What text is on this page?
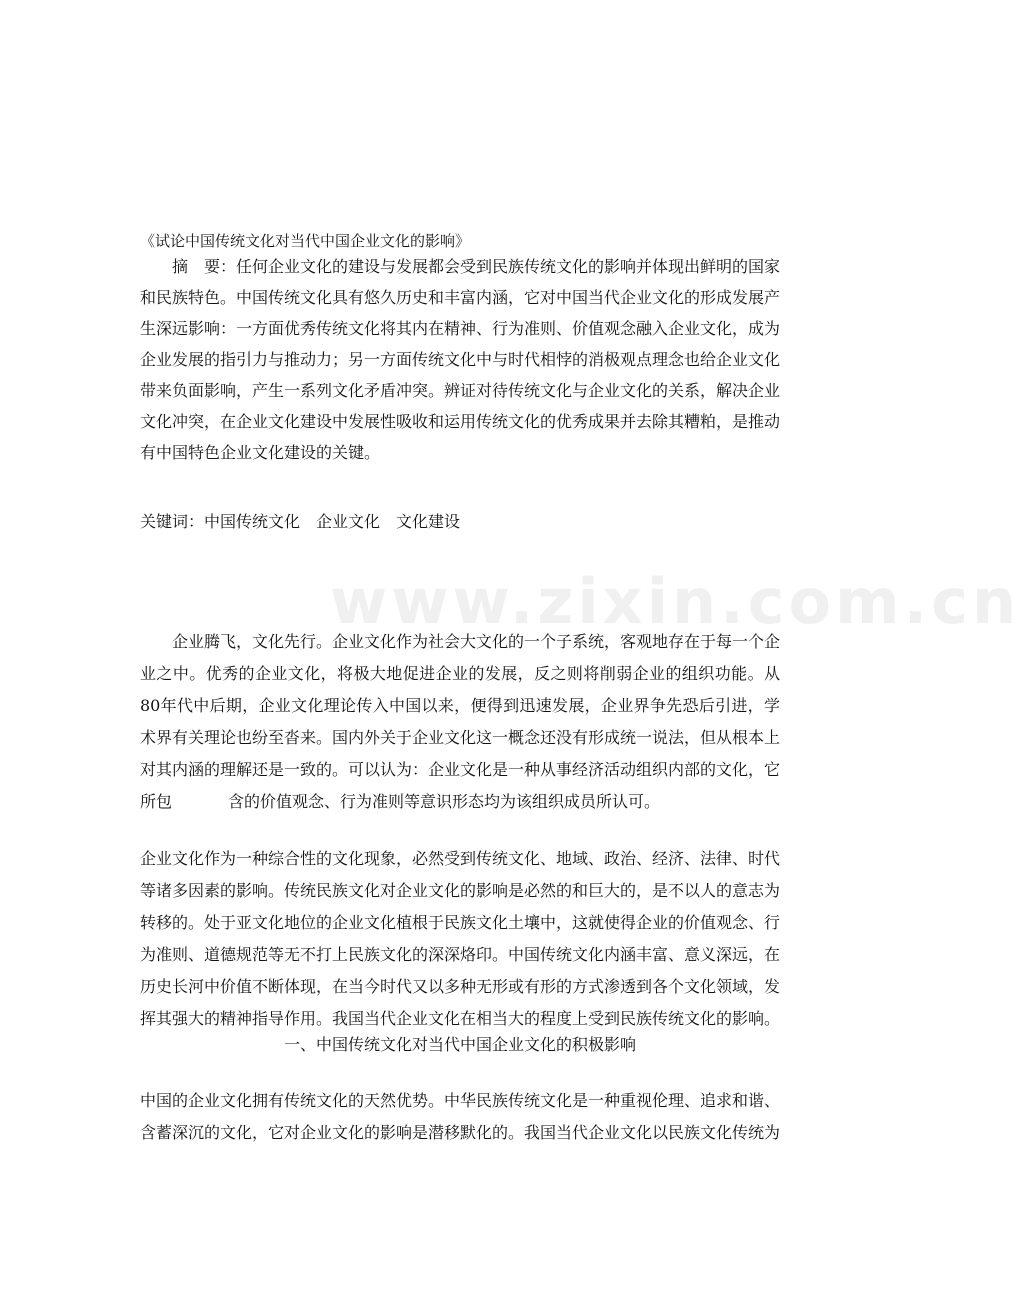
www.zixin.com.cn
《试论中国传统文化对当代中国企业文化的影响》

摘　要：任何企业文化的建设与发展都会受到民族传统文化的影响并体现出鲜明的国家和民族特色。中国传统文化具有悠久历史和丰富内涵，它对中国当代企业文化的形成发展产生深远影响：一方面优秀传统文化将其内在精神、行为准则、价值观念融入企业文化，成为企业发展的指引力与推动力；另一方面传统文化中与时代相悖的消极观点理念也给企业文化带来负面影响，产生一系列文化矛盾冲突。辨证对待传统文化与企业文化的关系，解决企业文化冲突，在企业文化建设中发展性吸收和运用传统文化的优秀成果并去除其糟粕，是推动有中国特色企业文化建设的关键。

关键词：中国传统文化　企业文化　文化建设

企业腾飞，文化先行。企业文化作为社会大文化的一个子系统，客观地存在于每一个企业之中。优秀的企业文化，将极大地促进企业的发展，反之则将削弱企业的组织功能。从80年代中后期，企业文化理论传入中国以来，便得到迅速发展，企业界争先恐后引进，学术界有关理论也纷至沓来。国内外关于企业文化这一概念还没有形成统一说法，但从根本上对其内涵的理解还是一致的。可以认为：企业文化是一种从事经济活动组织内部的文化，它所包	含的价值观念、行为准则等意识形态均为该组织成员所认可。

企业文化作为一种综合性的文化现象，必然受到传统文化、地域、政治、经济、法律、时代等诸多因素的影响。传统民族文化对企业文化的影响是必然的和巨大的，是不以人的意志为转移的。处于亚文化地位的企业文化植根于民族文化土壤中，这就使得企业的价值观念、行为准则、道德规范等无不打上民族文化的深深烙印。中国传统文化内涵丰富、意义深远，在历史长河中价值不断体现，在当今时代又以多种无形或有形的方式渗透到各个文化领域，发挥其强大的精神指导作用。我国当代企业文化在相当大的程度上受到民族传统文化的影响。

一、中国传统文化对当代中国企业文化的积极影响

中国的企业文化拥有传统文化的天然优势。中华民族传统文化是一种重视伦理、追求和谐、含蓄深沉的文化，它对企业文化的影响是潜移默化的。我国当代企业文化以民族文化传统为
